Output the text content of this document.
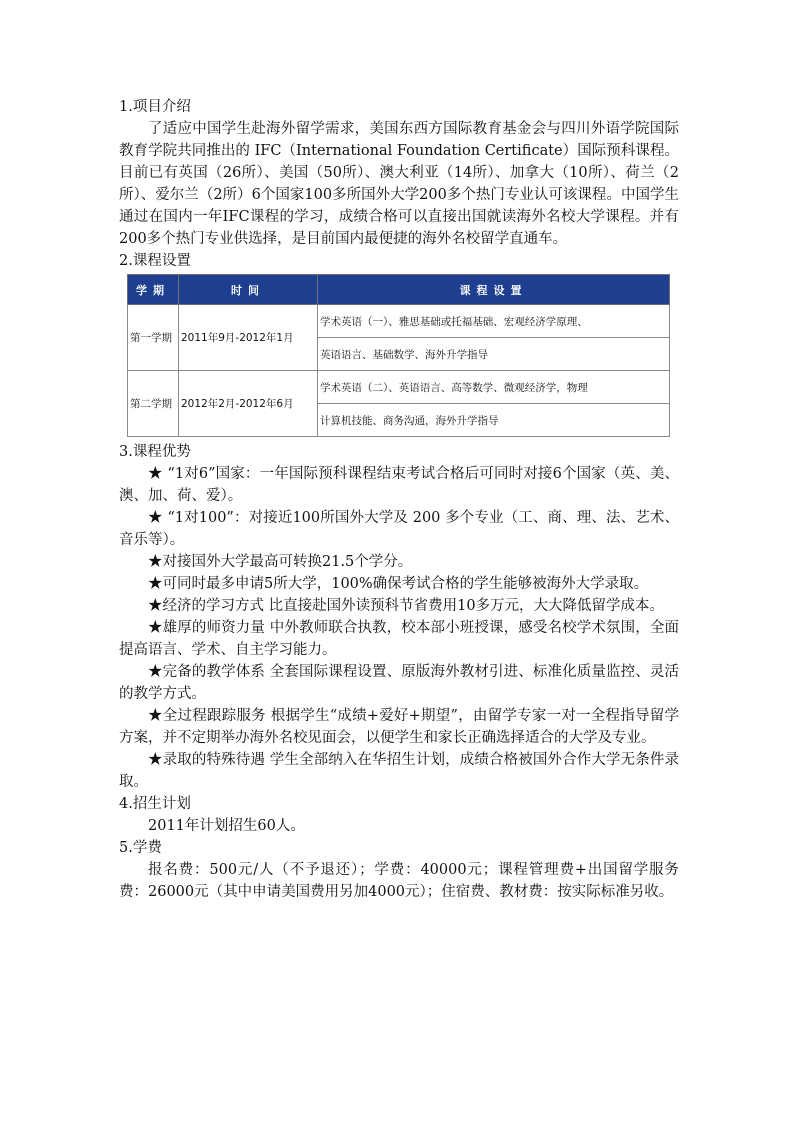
1.项目介绍

了适应中国学生赴海外留学需求，美国东西方国际教育基金会与四川外语学院国际教育学院共同推出的 IFC（International Foundation Certificate）国际预科课程。目前已有英国（26所）、美国（50所）、澳大利亚（14所）、加拿大（10所）、荷兰（2所）、爱尔兰（2所）6个国家100多所国外大学200多个热门专业认可该课程。中国学生通过在国内一年IFC课程的学习，成绩合格可以直接出国就读海外名校大学课程。并有200多个热门专业供选择，是目前国内最便捷的海外名校留学直通车。

2.课程设置
学期	时间	课程设置
第一学期	2011年9月-2012年1月	学术英语（一）、雅思基础或托福基础、宏观经济学原理、
		英语语言、基础数学、海外升学指导
第二学期	2012年2月-2012年6月	学术英语（二）、英语语言、高等数学、微观经济学，物理
		计算机技能、商务沟通，海外升学指导
3.课程优势

★ “1对6”国家：一年国际预科课程结束考试合格后可同时对接6个国家（英、美、澳、加、荷、爱）。

★ “1对100”：对接近100所国外大学及 200 多个专业（工、商、理、法、艺术、音乐等）。

★对接国外大学最高可转换21.5个学分。

★可同时最多申请5所大学，100%确保考试合格的学生能够被海外大学录取。

★经济的学习方式 比直接赴国外读预科节省费用10多万元，大大降低留学成本。

★雄厚的师资力量 中外教师联合执教，校本部小班授课，感受名校学术氛围，全面提高语言、学术、自主学习能力。

★完备的教学体系 全套国际课程设置、原版海外教材引进、标准化质量监控、灵活的教学方式。

★全过程跟踪服务 根据学生“成绩+爱好+期望”，由留学专家一对一全程指导留学方案，并不定期举办海外名校见面会，以便学生和家长正确选择适合的大学及专业。

★录取的特殊待遇 学生全部纳入在华招生计划，成绩合格被国外合作大学无条件录取。

4.招生计划

2011年计划招生60人。

5.学费

报名费：500元/人（不予退还）；学费：40000元；课程管理费+出国留学服务费：26000元（其中申请美国费用另加4000元）；住宿费、教材费：按实际标准另收。
